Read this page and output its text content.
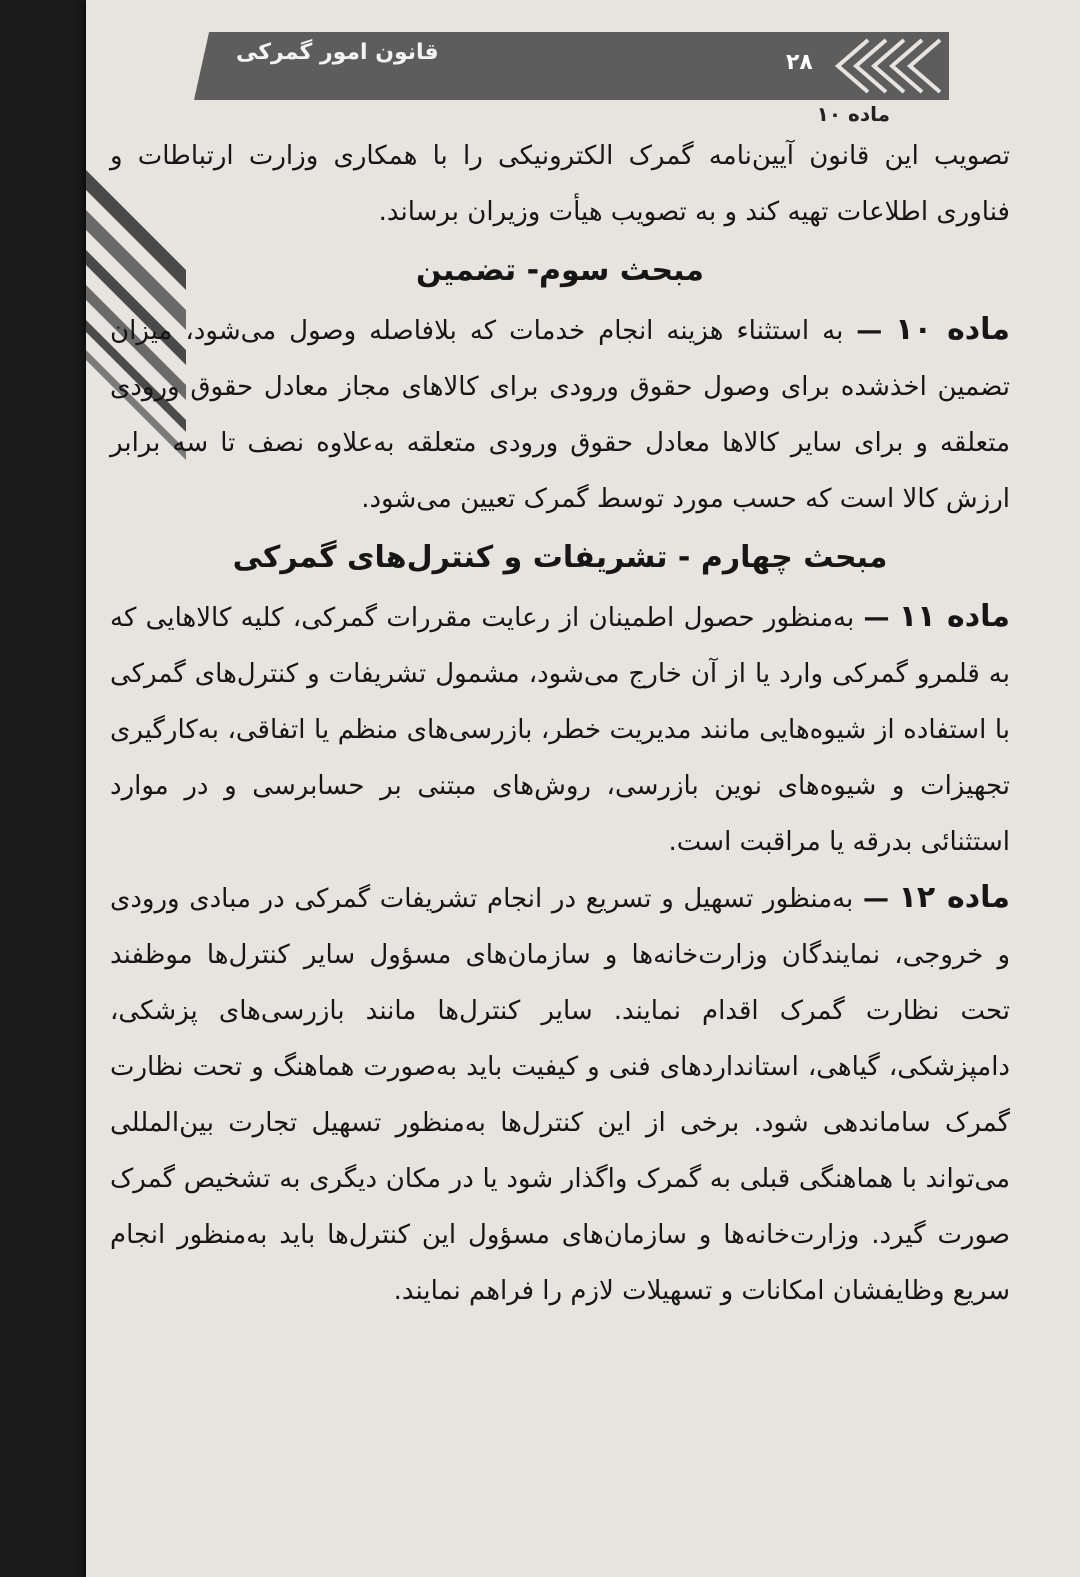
قانون امور گمرکی	۲۸
ماده ۱۰

تصویب این قانون آیین‌نامه گمرک الکترونیکی را با همکاری وزارت ارتباطات و فناوری اطلاعات تهیه کند و به تصویب هیأت وزیران برساند.

مبحث سوم- تضمین

ماده ۱۰ — به استثناء هزینه انجام خدمات که بلافاصله وصول می‌شود، میزان تضمین اخذشده برای وصول حقوق ورودی برای کالاهای مجاز معادل حقوق ورودی متعلقه و برای سایر کالاها معادل حقوق ورودی متعلقه به‌علاوه نصف تا سه برابر ارزش کالا است که حسب مورد توسط گمرک تعیین می‌شود.

مبحث چهارم - تشریفات و کنترل‌های گمرکی

ماده ۱۱ — به‌منظور حصول اطمینان از رعایت مقررات گمرکی، کلیه کالاهایی که به قلمرو گمرکی وارد یا از آن خارج می‌شود، مشمول تشریفات و کنترل‌های گمرکی با استفاده از شیوه‌هایی مانند مدیریت خطر، بازرسی‌های منظم یا اتفاقی، به‌کارگیری تجهیزات و شیوه‌های نوین بازرسی، روش‌های مبتنی بر حسابرسی و در موارد استثنائی بدرقه یا مراقبت است.

ماده ۱۲ — به‌منظور تسهیل و تسریع در انجام تشریفات گمرکی در مبادی ورودی و خروجی، نمایندگان وزارت‌خانه‌ها و سازمان‌های مسؤول سایر کنترل‌ها موظفند تحت نظارت گمرک اقدام نمایند. سایر کنترل‌ها مانند بازرسی‌های پزشکی، دامپزشکی، گیاهی، استانداردهای فنی و کیفیت باید به‌صورت هماهنگ و تحت نظارت گمرک ساماندهی شود. برخی از این کنترل‌ها به‌منظور تسهیل تجارت بین‌المللی می‌تواند با هماهنگی قبلی به گمرک واگذار شود یا در مکان دیگری به تشخیص گمرک صورت گیرد. وزارت‌خانه‌ها و سازمان‌های مسؤول این کنترل‌ها باید به‌منظور انجام سریع وظایفشان امکانات و تسهیلات لازم را فراهم نمایند.
